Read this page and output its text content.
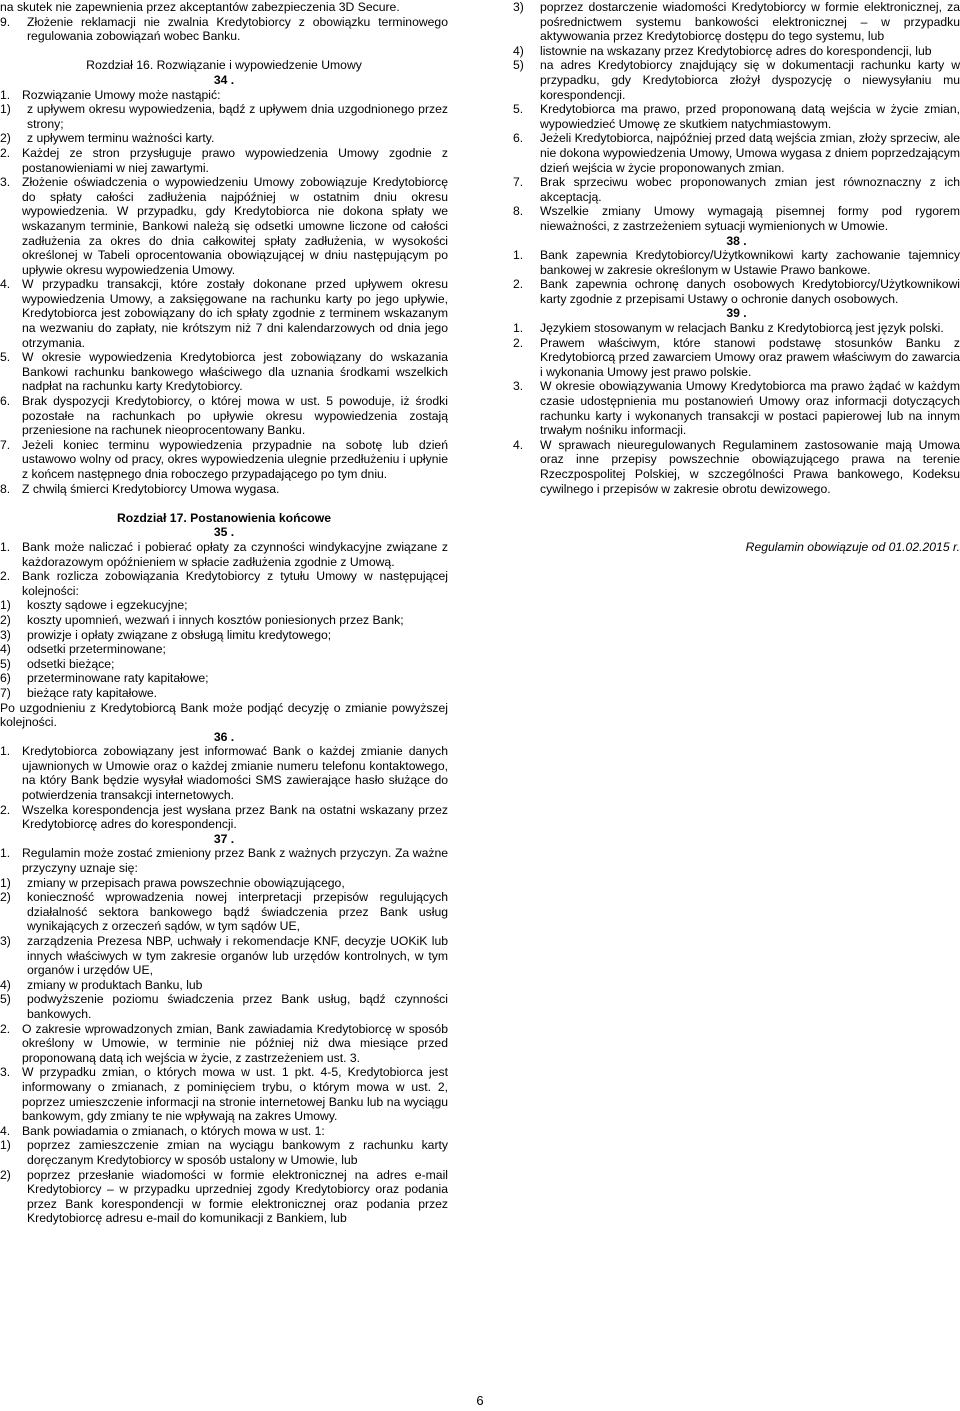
na skutek nie zapewnienia przez akceptantów zabezpieczenia 3D Secure.

9.	Złożenie reklamacji nie zwalnia Kredytobiorcy z obowiązku terminowego regulowania zobowiązań wobec Banku.

Rozdział 16. Rozwiązanie i wypowiedzenie Umowy

34 .

1. Rozwiązanie Umowy może nastąpić:
1)	z upływem okresu wypowiedzenia, bądź z upływem dnia uzgodnionego przez strony;
2)	z upływem terminu ważności karty.
2. Każdej ze stron przysługuje prawo wypowiedzenia Umowy zgodnie z postanowieniami w niej zawartymi.
3. Złożenie oświadczenia o wypowiedzeniu Umowy zobowiązuje Kredytobiorcę do spłaty całości zadłużenia najpóźniej w ostatnim dniu okresu wypowiedzenia. W przypadku, gdy Kredytobiorca nie dokona spłaty we wskazanym terminie, Bankowi należą się odsetki umowne liczone od całości zadłużenia za okres do dnia całkowitej spłaty zadłużenia, w wysokości określonej w Tabeli oprocentowania obowiązującej w dniu następującym po upływie okresu wypowiedzenia Umowy.
4. W przypadku transakcji, które zostały dokonane przed upływem okresu wypowiedzenia Umowy, a zaksięgowane na rachunku karty po jego upływie, Kredytobiorca jest zobowiązany do ich spłaty zgodnie z terminem wskazanym na wezwaniu do zapłaty, nie krótszym niż 7 dni kalendarzowych od dnia jego otrzymania.
5. W okresie wypowiedzenia Kredytobiorca jest zobowiązany do wskazania Bankowi rachunku bankowego właściwego dla uznania środkami wszelkich nadpłat na rachunku karty Kredytobiorcy.
6. Brak dyspozycji Kredytobiorcy, o której mowa w ust. 5 powoduje, iż środki pozostałe na rachunkach po upływie okresu wypowiedzenia zostają przeniesione na rachunek nieoprocentowany Banku.
7. Jeżeli koniec terminu wypowiedzenia przypadnie na sobotę lub dzień ustawowo wolny od pracy, okres wypowiedzenia ulegnie przedłużeniu i upłynie z końcem następnego dnia roboczego przypadającego po tym dniu.
8. Z chwilą śmierci Kredytobiorcy Umowa wygasa.

Rozdział 17. Postanowienia końcowe

35 .

1. Bank może naliczać i pobierać opłaty za czynności windykacyjne związane z każdorazowym opóźnieniem w spłacie zadłużenia zgodnie z Umową.
2. Bank rozlicza zobowiązania Kredytobiorcy z tytułu Umowy w następującej kolejności:
1)	koszty sądowe i egzekucyjne;
2)	koszty upomnień, wezwań i innych kosztów poniesionych przez Bank;
3)	prowizje i opłaty związane z obsługą limitu kredytowego;
4)	odsetki przeterminowane;
5)	odsetki bieżące;
6)	przeterminowane raty kapitałowe;
7)	bieżące raty kapitałowe.

Po uzgodnieniu z Kredytobiorcą Bank może podjąć decyzję o zmianie powyższej kolejności.

36 .

1. Kredytobiorca zobowiązany jest informować Bank o każdej zmianie danych ujawnionych w Umowie oraz o każdej zmianie numeru telefonu kontaktowego, na który Bank będzie wysyłał wiadomości SMS zawierające hasło służące do potwierdzenia transakcji internetowych.
2. Wszelka korespondencja jest wysłana przez Bank na ostatni wskazany przez Kredytobiorcę adres do korespondencji.

37 .

1. Regulamin może zostać zmieniony przez Bank z ważnych przyczyn. Za ważne przyczyny uznaje się:
1)	zmiany w przepisach prawa powszechnie obowiązującego,
2)	konieczność wprowadzenia nowej interpretacji przepisów regulujących działalność sektora bankowego bądź świadczenia przez Bank usług wynikających z orzeczeń sądów, w tym sądów UE,
3)	zarządzenia Prezesa NBP, uchwały i rekomendacje KNF, decyzje UOKiK lub innych właściwych w tym zakresie organów lub urzędów kontrolnych, w tym organów i urzędów UE,
4)	zmiany w produktach Banku, lub
5)	podwyższenie poziomu świadczenia przez Bank usług, bądź czynności bankowych.
2. O zakresie wprowadzonych zmian, Bank zawiadamia Kredytobiorcę w sposób określony w Umowie, w terminie nie później niż dwa miesiące przed proponowaną datą ich wejścia w życie, z zastrzeżeniem ust. 3.
3. W przypadku zmian, o których mowa w ust. 1 pkt. 4-5, Kredytobiorca jest informowany o zmianach, z pominięciem trybu, o którym mowa w ust. 2, poprzez umieszczenie informacji na stronie internetowej Banku lub na wyciągu bankowym, gdy zmiany te nie wpływają na zakres Umowy.
4. Bank powiadamia o zmianach, o których mowa w ust. 1:
1)	poprzez zamieszczenie zmian na wyciągu bankowym z rachunku karty doręczanym Kredytobiorcy w sposób ustalony w Umowie, lub
2)	poprzez przesłanie wiadomości w formie elektronicznej na adres e-mail Kredytobiorcy – w przypadku uprzedniej zgody Kredytobiorcy oraz podania przez Bank korespondencji w formie elektronicznej oraz podania przez Kredytobiorcę adresu e-mail do komunikacji z Bankiem, lub
3)	poprzez dostarczenie wiadomości Kredytobiorcy w formie elektronicznej, za pośrednictwem systemu bankowości elektronicznej – w przypadku aktywowania przez Kredytobiorcę dostępu do tego systemu, lub
4)	listownie na wskazany przez Kredytobiorcę adres do korespondencji, lub
5)	na adres Kredytobiorcy znajdujący się w dokumentacji rachunku karty w przypadku, gdy Kredytobiorca złożył dyspozycję o niewysyłaniu mu korespondencji.
5.	Kredytobiorca ma prawo, przed proponowaną datą wejścia w życie zmian, wypowiedzieć Umowę ze skutkiem natychmiastowym.
6.	Jeżeli Kredytobiorca, najpóźniej przed datą wejścia zmian, złoży sprzeciw, ale nie dokona wypowiedzenia Umowy, Umowa wygasa z dniem poprzedzającym dzień wejścia w życie proponowanych zmian.
7.	Brak sprzeciwu wobec proponowanych zmian jest równoznaczny z ich akceptacją.
8.	Wszelkie zmiany Umowy wymagają pisemnej formy pod rygorem nieważności, z zastrzeżeniem sytuacji wymienionych w Umowie.

38 .

1.	Bank zapewnia Kredytobiorcy/Użytkownikowi karty zachowanie tajemnicy bankowej w zakresie określonym w Ustawie Prawo bankowe.
2.	Bank zapewnia ochronę danych osobowych Kredytobiorcy/Użytkownikowi karty zgodnie z przepisami Ustawy o ochronie danych osobowych.

39 .

1.	Językiem stosowanym w relacjach Banku z Kredytobiorcą jest język polski.
2.	Prawem właściwym, które stanowi podstawę stosunków Banku z Kredytobiorcą przed zawarciem Umowy oraz prawem właściwym do zawarcia i wykonania Umowy jest prawo polskie.
3.	W okresie obowiązywania Umowy Kredytobiorca ma prawo żądać w każdym czasie udostępnienia mu postanowień Umowy oraz informacji dotyczących rachunku karty i wykonanych transakcji w postaci papierowej lub na innym trwałym nośniku informacji.
4.	W sprawach nieuregulowanych Regulaminem zastosowanie mają Umowa oraz inne przepisy powszechnie obowiązującego prawa na terenie Rzeczpospolitej Polskiej, w szczególności Prawa bankowego, Kodeksu cywilnego i przepisów w zakresie obrotu dewizowego.

Regulamin obowiązuje od 01.02.2015 r.

6
